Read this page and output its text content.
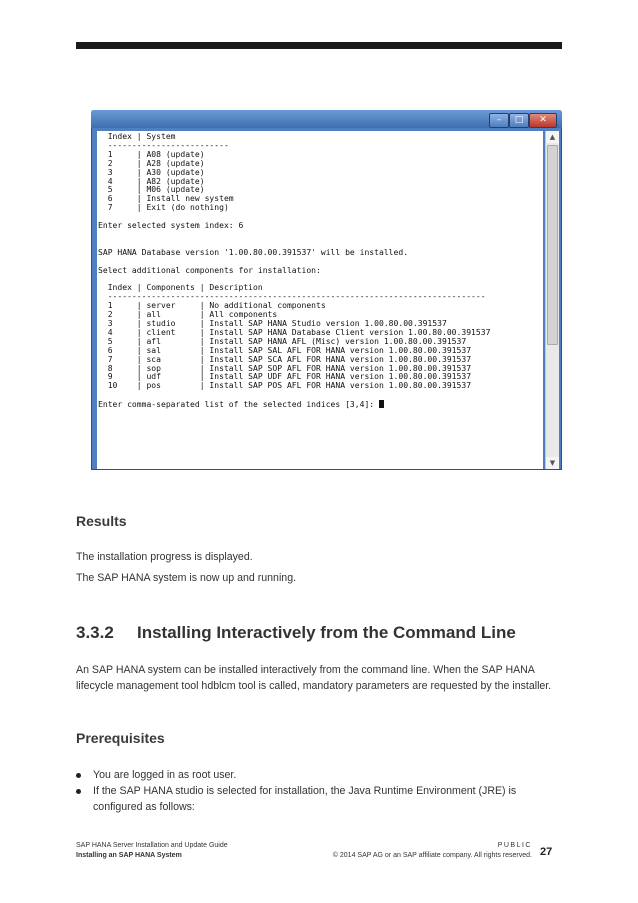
–	□	✕
Index | System
-------------------------
1     | A08 (update)
2     | A28 (update)
3     | A30 (update)
4     | A82 (update)
5     | M06 (update)
6     | Install new system
7     | Exit (do nothing)

Enter selected system index: 6

SAP HANA Database version '1.00.80.00.391537' will be installed.

Select additional components for installation:

Index | Components | Description
------------------------------------------------------------------------------
1     | server     | No additional components
2     | all        | All components
3     | studio     | Install SAP HANA Studio version 1.00.80.00.391537
4     | client     | Install SAP HANA Database Client version 1.00.80.00.391537
5     | afl        | Install SAP HANA AFL (Misc) version 1.00.80.00.391537
6     | sal        | Install SAP SAL AFL FOR HANA version 1.00.80.00.391537
7     | sca        | Install SAP SCA AFL FOR HANA version 1.00.80.00.391537
8     | sop        | Install SAP SOP AFL FOR HANA version 1.00.80.00.391537
9     | udf        | Install SAP UDF AFL FOR HANA version 1.00.80.00.391537
10    | pos        | Install SAP POS AFL FOR HANA version 1.00.80.00.391537

Enter comma-separated list of the selected indices [3,4]:
▲
▼
Results
The installation progress is displayed.
The SAP HANA system is now up and running.
3.3.2 Installing Interactively from the Command Line
An SAP HANA system can be installed interactively from the command line. When the SAP HANA lifecycle management tool hdblcm tool is called, mandatory parameters are requested by the installer.
Prerequisites
You are logged in as root user.
If the SAP HANA studio is selected for installation, the Java Runtime Environment (JRE) is configured as follows:
SAP HANA Server Installation and Update Guide
Installing an SAP HANA System
PUBLIC
© 2014 SAP AG or an SAP affiliate company. All rights reserved. 27
